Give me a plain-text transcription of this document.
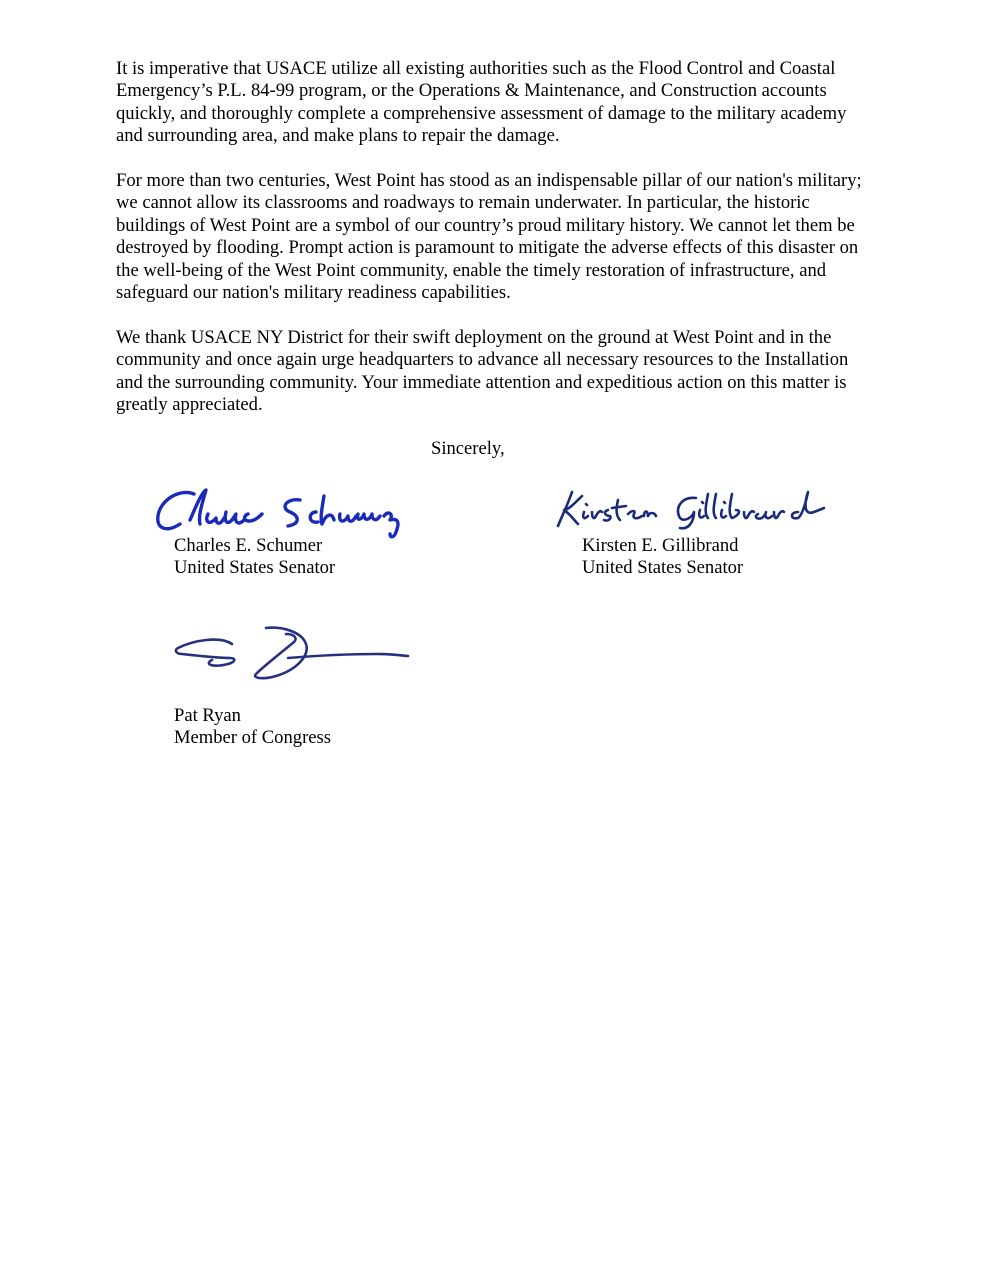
It is imperative that USACE utilize all existing authorities such as the Flood Control and Coastal Emergency’s P.L. 84-99 program, or the Operations & Maintenance, and Construction accounts quickly, and thoroughly complete a comprehensive assessment of damage to the military academy and surrounding area, and make plans to repair the damage.

For more than two centuries, West Point has stood as an indispensable pillar of our nation's military; we cannot allow its classrooms and roadways to remain underwater. In particular, the historic buildings of West Point are a symbol of our country’s proud military history. We cannot let them be destroyed by flooding. Prompt action is paramount to mitigate the adverse effects of this disaster on the well-being of the West Point community, enable the timely restoration of infrastructure, and safeguard our nation's military readiness capabilities.

We thank USACE NY District for their swift deployment on the ground at West Point and in the community and once again urge headquarters to advance all necessary resources to the Installation and the surrounding community. Your immediate attention and expeditious action on this matter is greatly appreciated.

Sincerely,
Charles E. Schumer
United States Senator
Kirsten E. Gillibrand
United States Senator
Pat Ryan
Member of Congress
